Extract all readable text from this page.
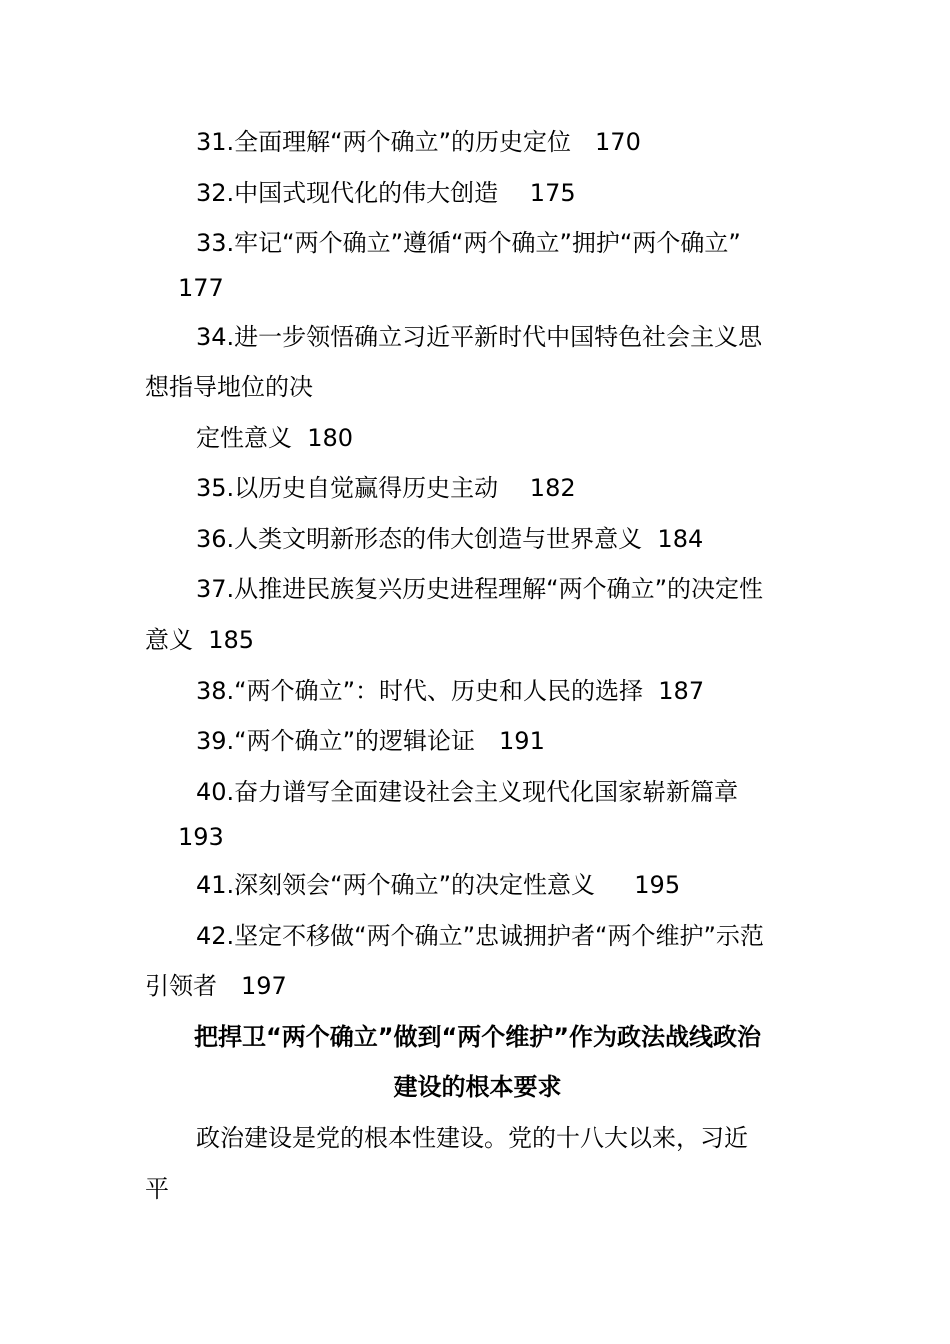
31.全面理解“两个确立”的历史定位　170

32.中国式现代化的伟大创造　 175

33.牢记“两个确立”遵循“两个确立”拥护“两个确立”

177

34.进一步领悟确立习近平新时代中国特色社会主义思

想指导地位的决

定性意义  180

35.以历史自觉赢得历史主动　 182

36.人类文明新形态的伟大创造与世界意义  184

37.从推进民族复兴历史进程理解“两个确立”的决定性

意义  185

38.“两个确立”：时代、历史和人民的选择  187

39.“两个确立”的逻辑论证　191

40.奋力谱写全面建设社会主义现代化国家崭新篇章

193

41.深刻领会“两个确立”的决定性意义　  195

42.坚定不移做“两个确立”忠诚拥护者“两个维护”示范

引领者　197

把捍卫“两个确立”做到“两个维护”作为政法战线政治

建设的根本要求

政治建设是党的根本性建设。党的十八大以来，习近

平
